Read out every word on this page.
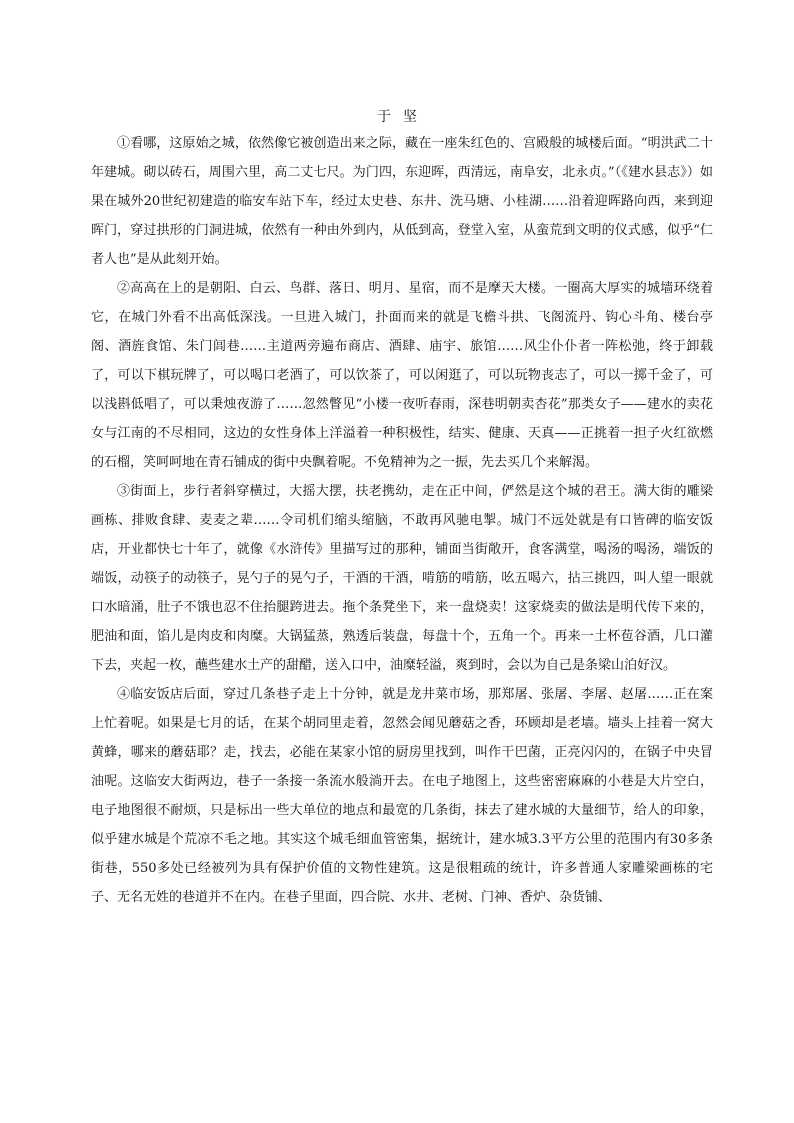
于坚

①看哪，这原始之城，依然像它被创造出来之际，藏在一座朱红色的、宫殿般的城楼后面。“明洪武二十年建城。砌以砖石，周围六里，高二丈七尺。为门四，东迎晖，西清远，南阜安，北永贞。”（《建水县志》）如果在城外20世纪初建造的临安车站下车，经过太史巷、东井、洗马塘、小桂湖……沿着迎晖路向西，来到迎晖门，穿过拱形的门洞进城，依然有一种由外到内，从低到高，登堂入室，从蛮荒到文明的仪式感，似乎“仁者人也”是从此刻开始。

②高高在上的是朝阳、白云、鸟群、落日、明月、星宿，而不是摩天大楼。一圈高大厚实的城墙环绕着它，在城门外看不出高低深浅。一旦进入城门，扑面而来的就是飞檐斗拱、飞阁流丹、钩心斗角、楼台亭阁、酒旌食馆、朱门闾巷……主道两旁遍布商店、酒肆、庙宇、旅馆……风尘仆仆者一阵松弛，终于卸载了，可以下棋玩牌了，可以喝口老酒了，可以饮茶了，可以闲逛了，可以玩物丧志了，可以一掷千金了，可以浅斟低唱了，可以秉烛夜游了……忽然瞥见“小楼一夜听春雨，深巷明朝卖杏花”那类女子——建水的卖花女与江南的不尽相同，这边的女性身体上洋溢着一种积极性，结实、健康、天真——正挑着一担子火红欲燃的石榴，笑呵呵地在青石铺成的街中央飘着呢。不免精神为之一振，先去买几个来解渴。

③街面上，步行者斜穿横过，大摇大摆，扶老携幼，走在正中间，俨然是这个城的君王。满大街的雕梁画栋、排败食肆、麦麦之辈……令司机们缩头缩脑，不敢再风驰电掣。城门不远处就是有口皆碑的临安饭店，开业都快七十年了，就像《水浒传》里描写过的那种，铺面当街敞开，食客满堂，喝汤的喝汤，端饭的端饭，动筷子的动筷子，晃勺子的晃勺子，干酒的干酒，啃筋的啃筋，吆五喝六，拈三挑四，叫人望一眼就口水暗涌，肚子不饿也忍不住抬腿跨进去。拖个条凳坐下，来一盘烧卖！这家烧卖的做法是明代传下来的，肥油和面，馅儿是肉皮和肉糜。大锅猛蒸，熟透后装盘，每盘十个，五角一个。再来一土杯苞谷酒，几口灌下去，夹起一枚，蘸些建水土产的甜醋，送入口中，油糜轻溢，爽到时，会以为自己是条梁山泊好汉。

④临安饭店后面，穿过几条巷子走上十分钟，就是龙井菜市场，那郑屠、张屠、李屠、赵屠……正在案上忙着呢。如果是七月的话，在某个胡同里走着，忽然会闻见蘑菇之香，环顾却是老墙。墙头上挂着一窝大黄蜂，哪来的蘑菇耶？走，找去，必能在某家小馆的厨房里找到，叫作干巴菌，正亮闪闪的，在锅子中央冒油呢。这临安大街两边，巷子一条接一条流水般淌开去。在电子地图上，这些密密麻麻的小巷是大片空白，电子地图很不耐烦，只是标出一些大单位的地点和最宽的几条街，抹去了建水城的大量细节，给人的印象，似乎建水城是个荒凉不毛之地。其实这个城毛细血管密集，据统计，建水城3.3平方公里的范围内有30多条街巷，550多处已经被列为具有保护价值的文物性建筑。这是很粗疏的统计，许多普通人家雕梁画栋的宅子、无名无姓的巷道并不在内。在巷子里面，四合院、水井、老树、门神、香炉、杂货铺、
